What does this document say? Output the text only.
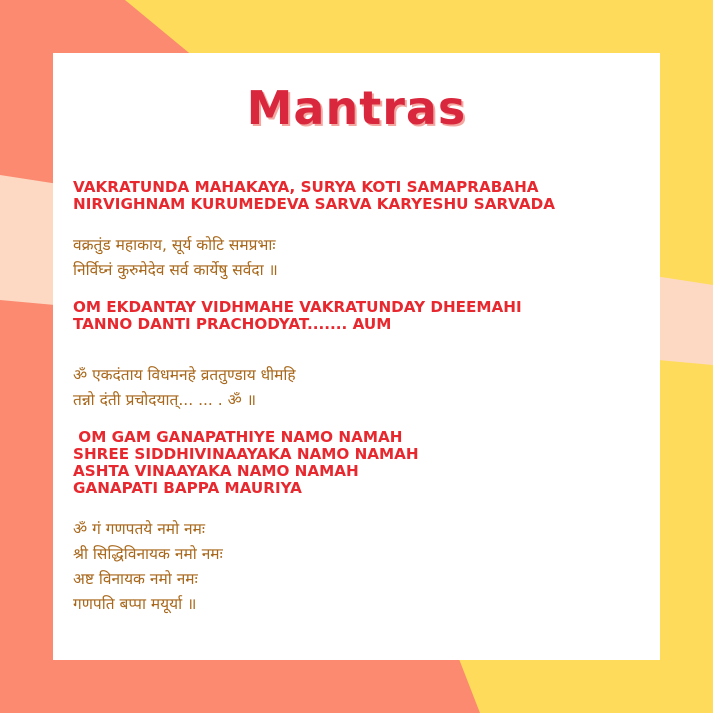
Mantras
VAKRATUNDA MAHAKAYA, SURYA KOTI SAMAPRABAHA
NIRVIGHNAM KURUMEDEVA SARVA KARYESHU SARVADA
वक्रतुंड महाकाय, सूर्य कोटि समप्रभाः
निर्विघ्नं कुरुमेदेव सर्व कार्येषु सर्वदा ॥
OM EKDANTAY VIDHMAHE VAKRATUNDAY DHEEMAHI
TANNO DANTI PRACHODYAT....... AUM
ॐ एकदंताय विधमनहे व्रततुण्डाय धीमहि
तन्नो दंती प्रचोदयात्... ... . ॐ ॥
OM GAM GANAPATHIYE NAMO NAMAH
SHREE SIDDHIVINAAYAKA NAMO NAMAH
ASHTA VINAAYAKA NAMO NAMAH
GANAPATI BAPPA MAURIYA
ॐ गं गणपतये नमो नमः
श्री सिद्धिविनायक नमो नमः
अष्ट विनायक नमो नमः
गणपति बप्पा मयूर्या ॥
